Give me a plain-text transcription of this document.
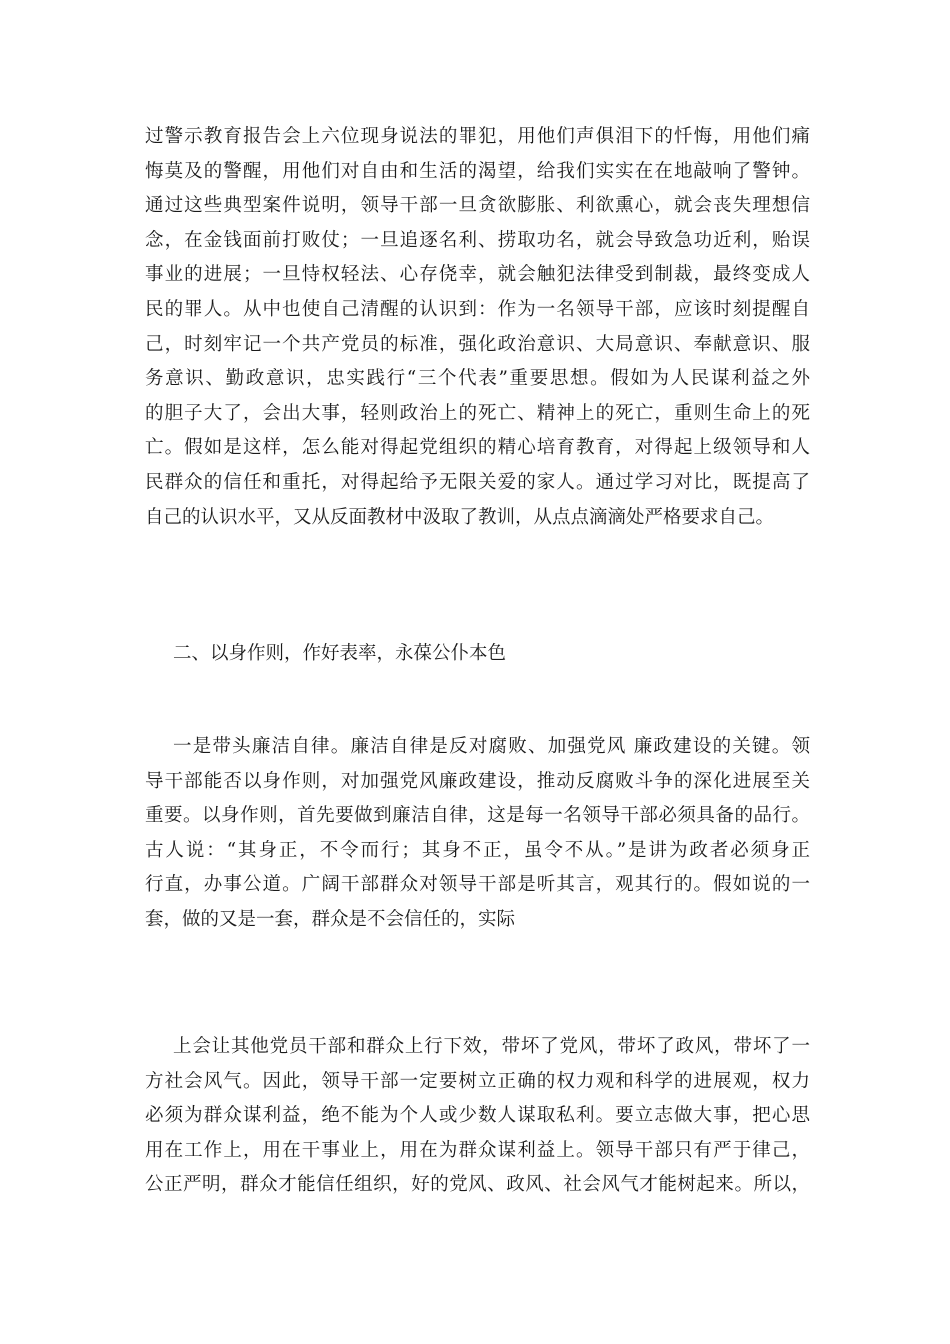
过警示教育报告会上六位现身说法的罪犯，用他们声俱泪下的忏悔，用他们痛
悔莫及的警醒，用他们对自由和生活的渴望，给我们实实在在地敲响了警钟。
通过这些典型案件说明，领导干部一旦贪欲膨胀、利欲熏心，就会丧失理想信
念，在金钱面前打败仗；一旦追逐名利、捞取功名，就会导致急功近利，贻误
事业的进展；一旦恃权轻法、心存侥幸，就会触犯法律受到制裁，最终变成人
民的罪人。从中也使自己清醒的认识到：作为一名领导干部，应该时刻提醒自
己，时刻牢记一个共产党员的标准，强化政治意识、大局意识、奉献意识、服
务意识、勤政意识，忠实践行“三个代表”重要思想。假如为人民谋利益之外
的胆子大了，会出大事，轻则政治上的死亡、精神上的死亡，重则生命上的死
亡。假如是这样，怎么能对得起党组织的精心培育教育，对得起上级领导和人
民群众的信任和重托，对得起给予无限关爱的家人。通过学习对比，既提高了
自己的认识水平，又从反面教材中汲取了教训，从点点滴滴处严格要求自己。
二、以身作则，作好表率，永葆公仆本色
一是带头廉洁自律。廉洁自律是反对腐败、加强党风 廉政建设的关键。领
导干部能否以身作则，对加强党风廉政建设，推动反腐败斗争的深化进展至关
重要。以身作则，首先要做到廉洁自律，这是每一名领导干部必须具备的品行。
古人说：“其身正，不令而行；其身不正，虽令不从。”是讲为政者必须身正
行直，办事公道。广阔干部群众对领导干部是听其言，观其行的。假如说的一
套，做的又是一套，群众是不会信任的，实际
上会让其他党员干部和群众上行下效，带坏了党风，带坏了政风，带坏了一
方社会风气。因此，领导干部一定要树立正确的权力观和科学的进展观，权力
必须为群众谋利益，绝不能为个人或少数人谋取私利。要立志做大事，把心思
用在工作上，用在干事业上，用在为群众谋利益上。领导干部只有严于律己，
公正严明，群众才能信任组织，好的党风、政风、社会风气才能树起来。所以，
